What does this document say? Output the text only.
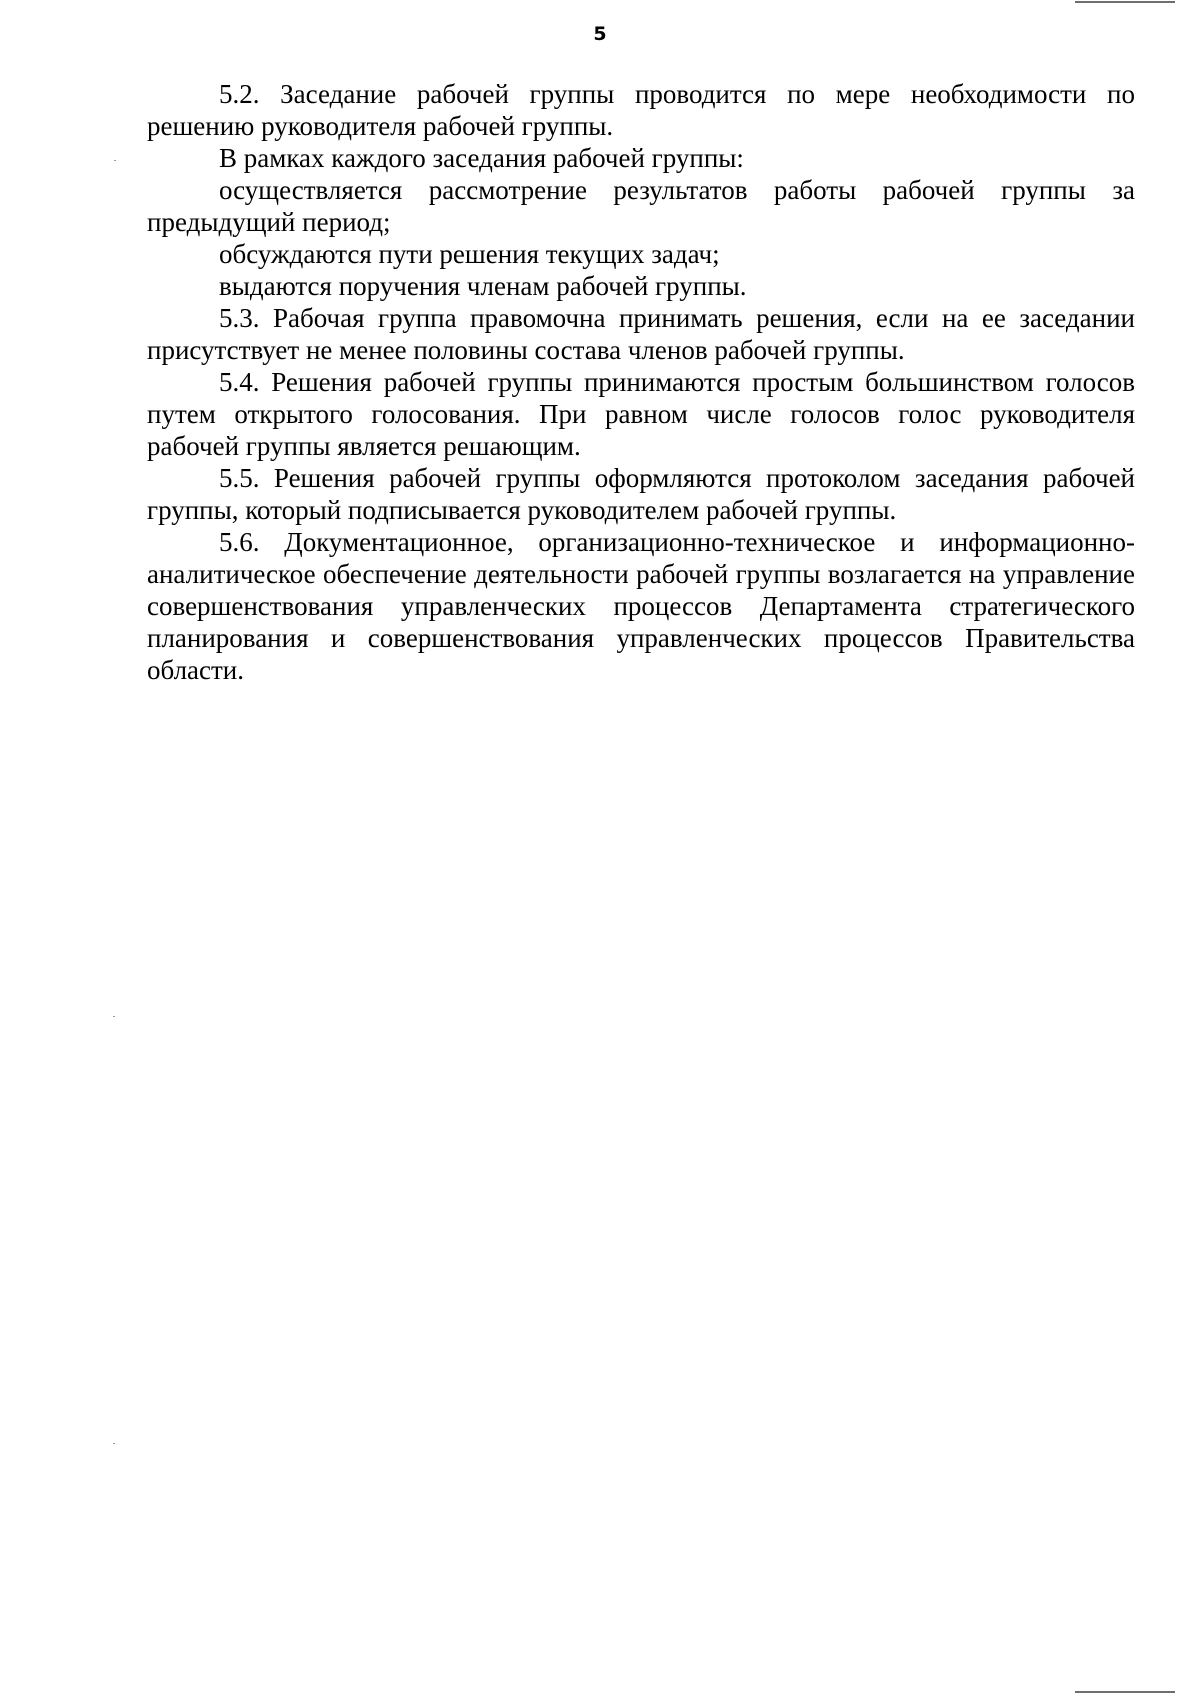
5

5.2. Заседание рабочей группы проводится по мере необходимости по решению руководителя рабочей группы.

В рамках каждого заседания рабочей группы:

осуществляется рассмотрение результатов работы рабочей группы за предыдущий период;

обсуждаются пути решения текущих задач;

выдаются поручения членам рабочей группы.

5.3. Рабочая группа правомочна принимать решения, если на ее заседании присутствует не менее половины состава членов рабочей группы.

5.4. Решения рабочей группы принимаются простым большинством голосов путем открытого голосования. При равном числе голосов голос руководителя рабочей группы является решающим.

5.5. Решения рабочей группы оформляются протоколом заседания рабочей группы, который подписывается руководителем рабочей группы.

5.6. Документационное, организационно-техническое и информационно-аналитическое обеспечение деятельности рабочей группы возлагается на управление совершенствования управленческих процессов Департамента стратегического планирования и совершенствования управленческих процессов Правительства области.
